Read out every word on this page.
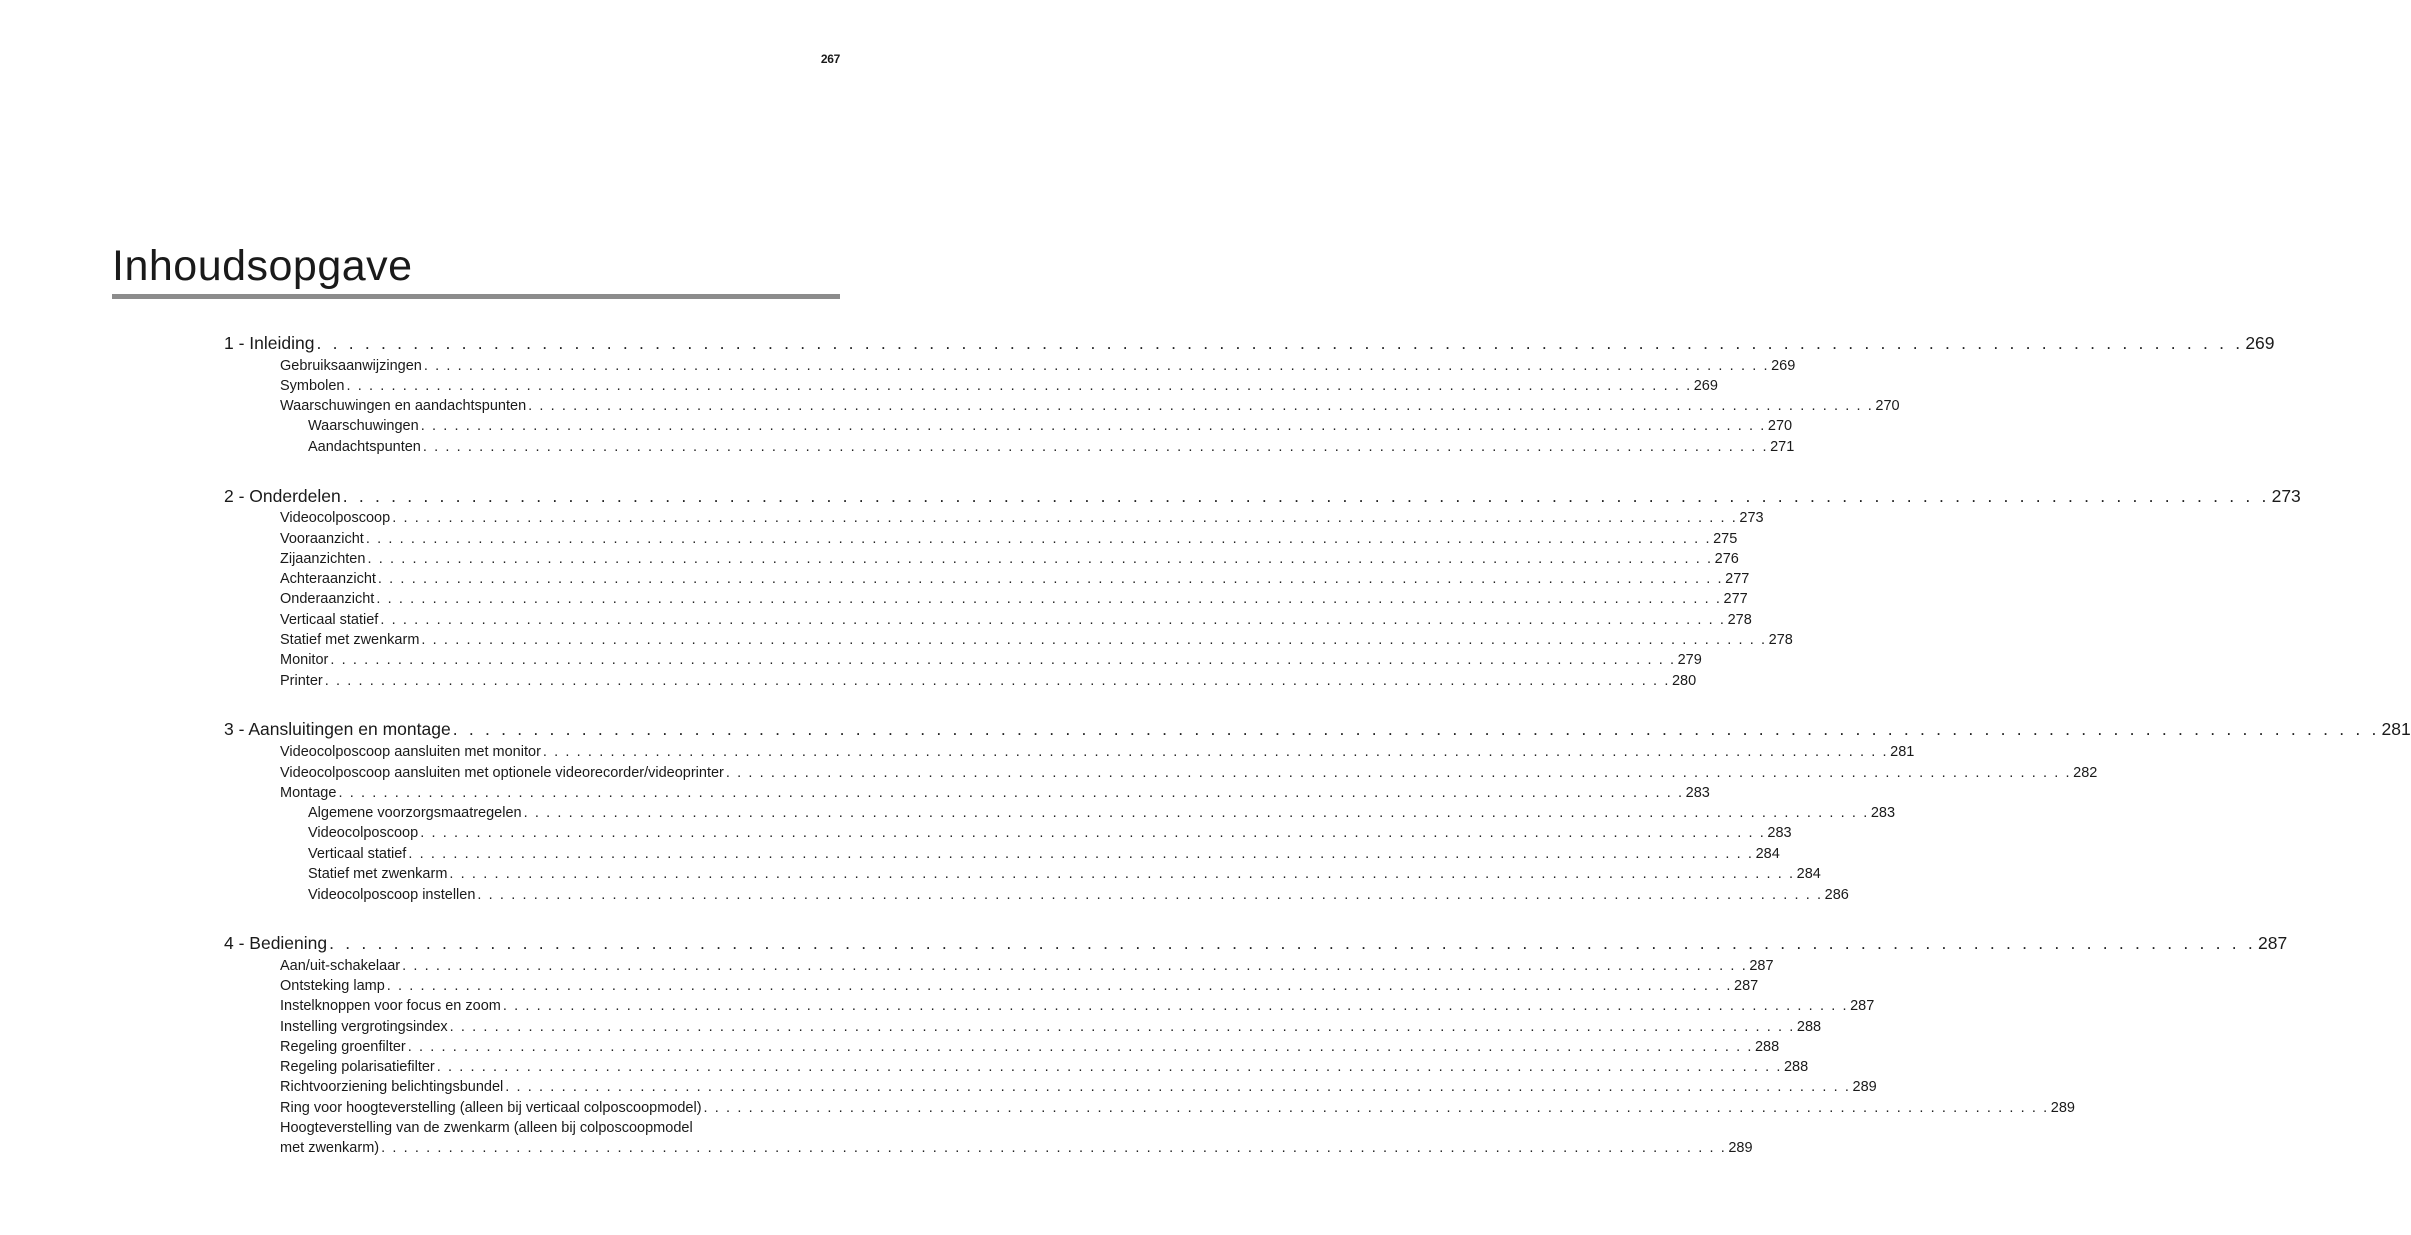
267
Inhoudsopgave
1 - Inleiding . . . . . . . . . . . . . . . . . . . . . . . . . . . . . . . . . . . . . . . . . . . . . . . . . . . . . . . . . . . . . . . . . . . . . . . . . . . . . . . . . . . . . . . . . . . . . . . . . . . . . . . . . . . . . . . . . . . . . . . . 269
Gebruiksaanwijzingen . . . . . . . . . . . . . . . . . . . . . . . . . . . . . . . . . . . . . . . . . . . . . . . . . . . . . . . . . . . . . . . . . . . . . . . . . . . . . . . . . . . . . . . . . . . . . . . . . . . . . . . . . . . . . . . . . . . . . . . . 269
Symbolen . . . . . . . . . . . . . . . . . . . . . . . . . . . . . . . . . . . . . . . . . . . . . . . . . . . . . . . . . . . . . . . . . . . . . . . . . . . . . . . . . . . . . . . . . . . . . . . . . . . . . . . . . . . . . . . . . . . . . . . . 269
Waarschuwingen en aandachtspunten . . . . . . . . . . . . . . . . . . . . . . . . . . . . . . . . . . . . . . . . . . . . . . . . . . . . . . . . . . . . . . . . . . . . . . . . . . . . . . . . . . . . . . . . . . . . . . . . . . . . . . . . . . . . . . . . . . . . . . . . 270
Waarschuwingen . . . . . . . . . . . . . . . . . . . . . . . . . . . . . . . . . . . . . . . . . . . . . . . . . . . . . . . . . . . . . . . . . . . . . . . . . . . . . . . . . . . . . . . . . . . . . . . . . . . . . . . . . . . . . . . . . . . . . . . . 270
Aandachtspunten . . . . . . . . . . . . . . . . . . . . . . . . . . . . . . . . . . . . . . . . . . . . . . . . . . . . . . . . . . . . . . . . . . . . . . . . . . . . . . . . . . . . . . . . . . . . . . . . . . . . . . . . . . . . . . . . . . . . . . . . 271
2 - Onderdelen . . . . . . . . . . . . . . . . . . . . . . . . . . . . . . . . . . . . . . . . . . . . . . . . . . . . . . . . . . . . . . . . . . . . . . . . . . . . . . . . . . . . . . . . . . . . . . . . . . . . . . . . . . . . . . . . . . . . . . . . 273
Videocolposcoop . . . . . . . . . . . . . . . . . . . . . . . . . . . . . . . . . . . . . . . . . . . . . . . . . . . . . . . . . . . . . . . . . . . . . . . . . . . . . . . . . . . . . . . . . . . . . . . . . . . . . . . . . . . . . . . . . . . . . . . . 273
Vooraanzicht . . . . . . . . . . . . . . . . . . . . . . . . . . . . . . . . . . . . . . . . . . . . . . . . . . . . . . . . . . . . . . . . . . . . . . . . . . . . . . . . . . . . . . . . . . . . . . . . . . . . . . . . . . . . . . . . . . . . . . . . 275
Zijaanzichten . . . . . . . . . . . . . . . . . . . . . . . . . . . . . . . . . . . . . . . . . . . . . . . . . . . . . . . . . . . . . . . . . . . . . . . . . . . . . . . . . . . . . . . . . . . . . . . . . . . . . . . . . . . . . . . . . . . . . . . . 276
Achteraanzicht . . . . . . . . . . . . . . . . . . . . . . . . . . . . . . . . . . . . . . . . . . . . . . . . . . . . . . . . . . . . . . . . . . . . . . . . . . . . . . . . . . . . . . . . . . . . . . . . . . . . . . . . . . . . . . . . . . . . . . . . 277
Onderaanzicht . . . . . . . . . . . . . . . . . . . . . . . . . . . . . . . . . . . . . . . . . . . . . . . . . . . . . . . . . . . . . . . . . . . . . . . . . . . . . . . . . . . . . . . . . . . . . . . . . . . . . . . . . . . . . . . . . . . . . . . . 277
Verticaal statief . . . . . . . . . . . . . . . . . . . . . . . . . . . . . . . . . . . . . . . . . . . . . . . . . . . . . . . . . . . . . . . . . . . . . . . . . . . . . . . . . . . . . . . . . . . . . . . . . . . . . . . . . . . . . . . . . . . . . . . . 278
Statief met zwenkarm . . . . . . . . . . . . . . . . . . . . . . . . . . . . . . . . . . . . . . . . . . . . . . . . . . . . . . . . . . . . . . . . . . . . . . . . . . . . . . . . . . . . . . . . . . . . . . . . . . . . . . . . . . . . . . . . . . . . . . . . 278
Monitor . . . . . . . . . . . . . . . . . . . . . . . . . . . . . . . . . . . . . . . . . . . . . . . . . . . . . . . . . . . . . . . . . . . . . . . . . . . . . . . . . . . . . . . . . . . . . . . . . . . . . . . . . . . . . . . . . . . . . . . . 279
Printer . . . . . . . . . . . . . . . . . . . . . . . . . . . . . . . . . . . . . . . . . . . . . . . . . . . . . . . . . . . . . . . . . . . . . . . . . . . . . . . . . . . . . . . . . . . . . . . . . . . . . . . . . . . . . . . . . . . . . . . . 280
3 - Aansluitingen en montage . . . . . . . . . . . . . . . . . . . . . . . . . . . . . . . . . . . . . . . . . . . . . . . . . . . . . . . . . . . . . . . . . . . . . . . . . . . . . . . . . . . . . . . . . . . . . . . . . . . . . . . . . . . . . . . . . . . . . . . . 281
Videocolposcoop aansluiten met monitor . . . . . . . . . . . . . . . . . . . . . . . . . . . . . . . . . . . . . . . . . . . . . . . . . . . . . . . . . . . . . . . . . . . . . . . . . . . . . . . . . . . . . . . . . . . . . . . . . . . . . . . . . . . . . . . . . . . . . . . . 281
Videocolposcoop aansluiten met optionele videorecorder/videoprinter . . . . . . . . . . . . . . . . . . . . . . . . . . . . . . . . . . . . . . . . . . . . . . . . . . . . . . . . . . . . . . . . . . . . . . . . . . . . . . . . . . . . . . . . . . . . . . . . . . . . . . . . . . . . . . . . . . . . . . . . 282
Montage . . . . . . . . . . . . . . . . . . . . . . . . . . . . . . . . . . . . . . . . . . . . . . . . . . . . . . . . . . . . . . . . . . . . . . . . . . . . . . . . . . . . . . . . . . . . . . . . . . . . . . . . . . . . . . . . . . . . . . . . 283
Algemene voorzorgsmaatregelen . . . . . . . . . . . . . . . . . . . . . . . . . . . . . . . . . . . . . . . . . . . . . . . . . . . . . . . . . . . . . . . . . . . . . . . . . . . . . . . . . . . . . . . . . . . . . . . . . . . . . . . . . . . . . . . . . . . . . . . . 283
Videocolposcoop . . . . . . . . . . . . . . . . . . . . . . . . . . . . . . . . . . . . . . . . . . . . . . . . . . . . . . . . . . . . . . . . . . . . . . . . . . . . . . . . . . . . . . . . . . . . . . . . . . . . . . . . . . . . . . . . . . . . . . . . 283
Verticaal statief . . . . . . . . . . . . . . . . . . . . . . . . . . . . . . . . . . . . . . . . . . . . . . . . . . . . . . . . . . . . . . . . . . . . . . . . . . . . . . . . . . . . . . . . . . . . . . . . . . . . . . . . . . . . . . . . . . . . . . . . 284
Statief met zwenkarm . . . . . . . . . . . . . . . . . . . . . . . . . . . . . . . . . . . . . . . . . . . . . . . . . . . . . . . . . . . . . . . . . . . . . . . . . . . . . . . . . . . . . . . . . . . . . . . . . . . . . . . . . . . . . . . . . . . . . . . . 284
Videocolposcoop instellen . . . . . . . . . . . . . . . . . . . . . . . . . . . . . . . . . . . . . . . . . . . . . . . . . . . . . . . . . . . . . . . . . . . . . . . . . . . . . . . . . . . . . . . . . . . . . . . . . . . . . . . . . . . . . . . . . . . . . . . . 286
4 - Bediening . . . . . . . . . . . . . . . . . . . . . . . . . . . . . . . . . . . . . . . . . . . . . . . . . . . . . . . . . . . . . . . . . . . . . . . . . . . . . . . . . . . . . . . . . . . . . . . . . . . . . . . . . . . . . . . . . . . . . . . . 287
Aan/uit-schakelaar . . . . . . . . . . . . . . . . . . . . . . . . . . . . . . . . . . . . . . . . . . . . . . . . . . . . . . . . . . . . . . . . . . . . . . . . . . . . . . . . . . . . . . . . . . . . . . . . . . . . . . . . . . . . . . . . . . . . . . . . 287
Ontsteking lamp . . . . . . . . . . . . . . . . . . . . . . . . . . . . . . . . . . . . . . . . . . . . . . . . . . . . . . . . . . . . . . . . . . . . . . . . . . . . . . . . . . . . . . . . . . . . . . . . . . . . . . . . . . . . . . . . . . . . . . . . 287
Instelknoppen voor focus en zoom . . . . . . . . . . . . . . . . . . . . . . . . . . . . . . . . . . . . . . . . . . . . . . . . . . . . . . . . . . . . . . . . . . . . . . . . . . . . . . . . . . . . . . . . . . . . . . . . . . . . . . . . . . . . . . . . . . . . . . . . 287
Instelling vergrotingsindex . . . . . . . . . . . . . . . . . . . . . . . . . . . . . . . . . . . . . . . . . . . . . . . . . . . . . . . . . . . . . . . . . . . . . . . . . . . . . . . . . . . . . . . . . . . . . . . . . . . . . . . . . . . . . . . . . . . . . . . . 288
Regeling groenfilter . . . . . . . . . . . . . . . . . . . . . . . . . . . . . . . . . . . . . . . . . . . . . . . . . . . . . . . . . . . . . . . . . . . . . . . . . . . . . . . . . . . . . . . . . . . . . . . . . . . . . . . . . . . . . . . . . . . . . . . . 288
Regeling polarisatiefilter . . . . . . . . . . . . . . . . . . . . . . . . . . . . . . . . . . . . . . . . . . . . . . . . . . . . . . . . . . . . . . . . . . . . . . . . . . . . . . . . . . . . . . . . . . . . . . . . . . . . . . . . . . . . . . . . . . . . . . . . 288
Richtvoorziening belichtingsbundel . . . . . . . . . . . . . . . . . . . . . . . . . . . . . . . . . . . . . . . . . . . . . . . . . . . . . . . . . . . . . . . . . . . . . . . . . . . . . . . . . . . . . . . . . . . . . . . . . . . . . . . . . . . . . . . . . . . . . . . . 289
Ring voor hoogteverstelling (alleen bij verticaal colposcoopmodel) . . . . . . . . . . . . . . . . . . . . . . . . . . . . . . . . . . . . . . . . . . . . . . . . . . . . . . . . . . . . . . . . . . . . . . . . . . . . . . . . . . . . . . . . . . . . . . . . . . . . . . . . . . . . . . . . . . . . . . . . 289
Hoogteverstelling van de zwenkarm (alleen bij colposcoopmodel
met zwenkarm) . . . . . . . . . . . . . . . . . . . . . . . . . . . . . . . . . . . . . . . . . . . . . . . . . . . . . . . . . . . . . . . . . . . . . . . . . . . . . . . . . . . . . . . . . . . . . . . . . . . . . . . . . . . . . . . . . . . . . . . . 289
